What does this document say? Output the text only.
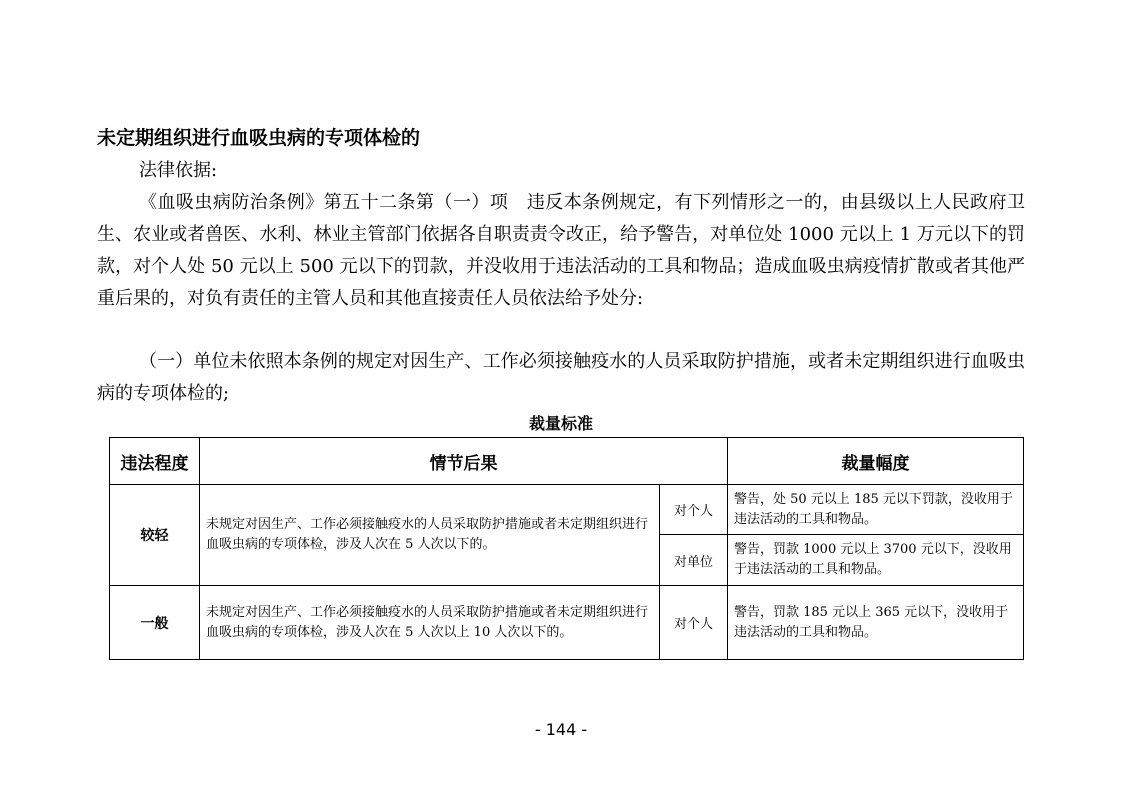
未定期组织进行血吸虫病的专项体检的
法律依据:

《血吸虫病防治条例》第五十二条第（一）项　违反本条例规定，有下列情形之一的，由县级以上人民政府卫生、农业或者兽医、水利、林业主管部门依据各自职责责令改正，给予警告，对单位处 1000 元以上 1 万元以下的罚款，对个人处 50 元以上 500 元以下的罚款，并没收用于违法活动的工具和物品；造成血吸虫病疫情扩散或者其他严重后果的，对负有责任的主管人员和其他直接责任人员依法给予处分:

（一）单位未依照本条例的规定对因生产、工作必须接触疫水的人员采取防护措施，或者未定期组织进行血吸虫病的专项体检的;

裁量标准
违法程度	情节后果		裁量幅度
较轻	未规定对因生产、工作必须接触疫水的人员采取防护措施或者未定期组织进行血吸虫病的专项体检，涉及人次在 5 人次以下的。	对个人	警告，处 50 元以上 185 元以下罚款，没收用于违法活动的工具和物品。
		对单位	警告，罚款 1000 元以上 3700 元以下，没收用于违法活动的工具和物品。
一般	未规定对因生产、工作必须接触疫水的人员采取防护措施或者未定期组织进行血吸虫病的专项体检，涉及人次在 5 人次以上 10 人次以下的。	对个人	警告，罚款 185 元以上 365 元以下，没收用于违法活动的工具和物品。
- 144 -
